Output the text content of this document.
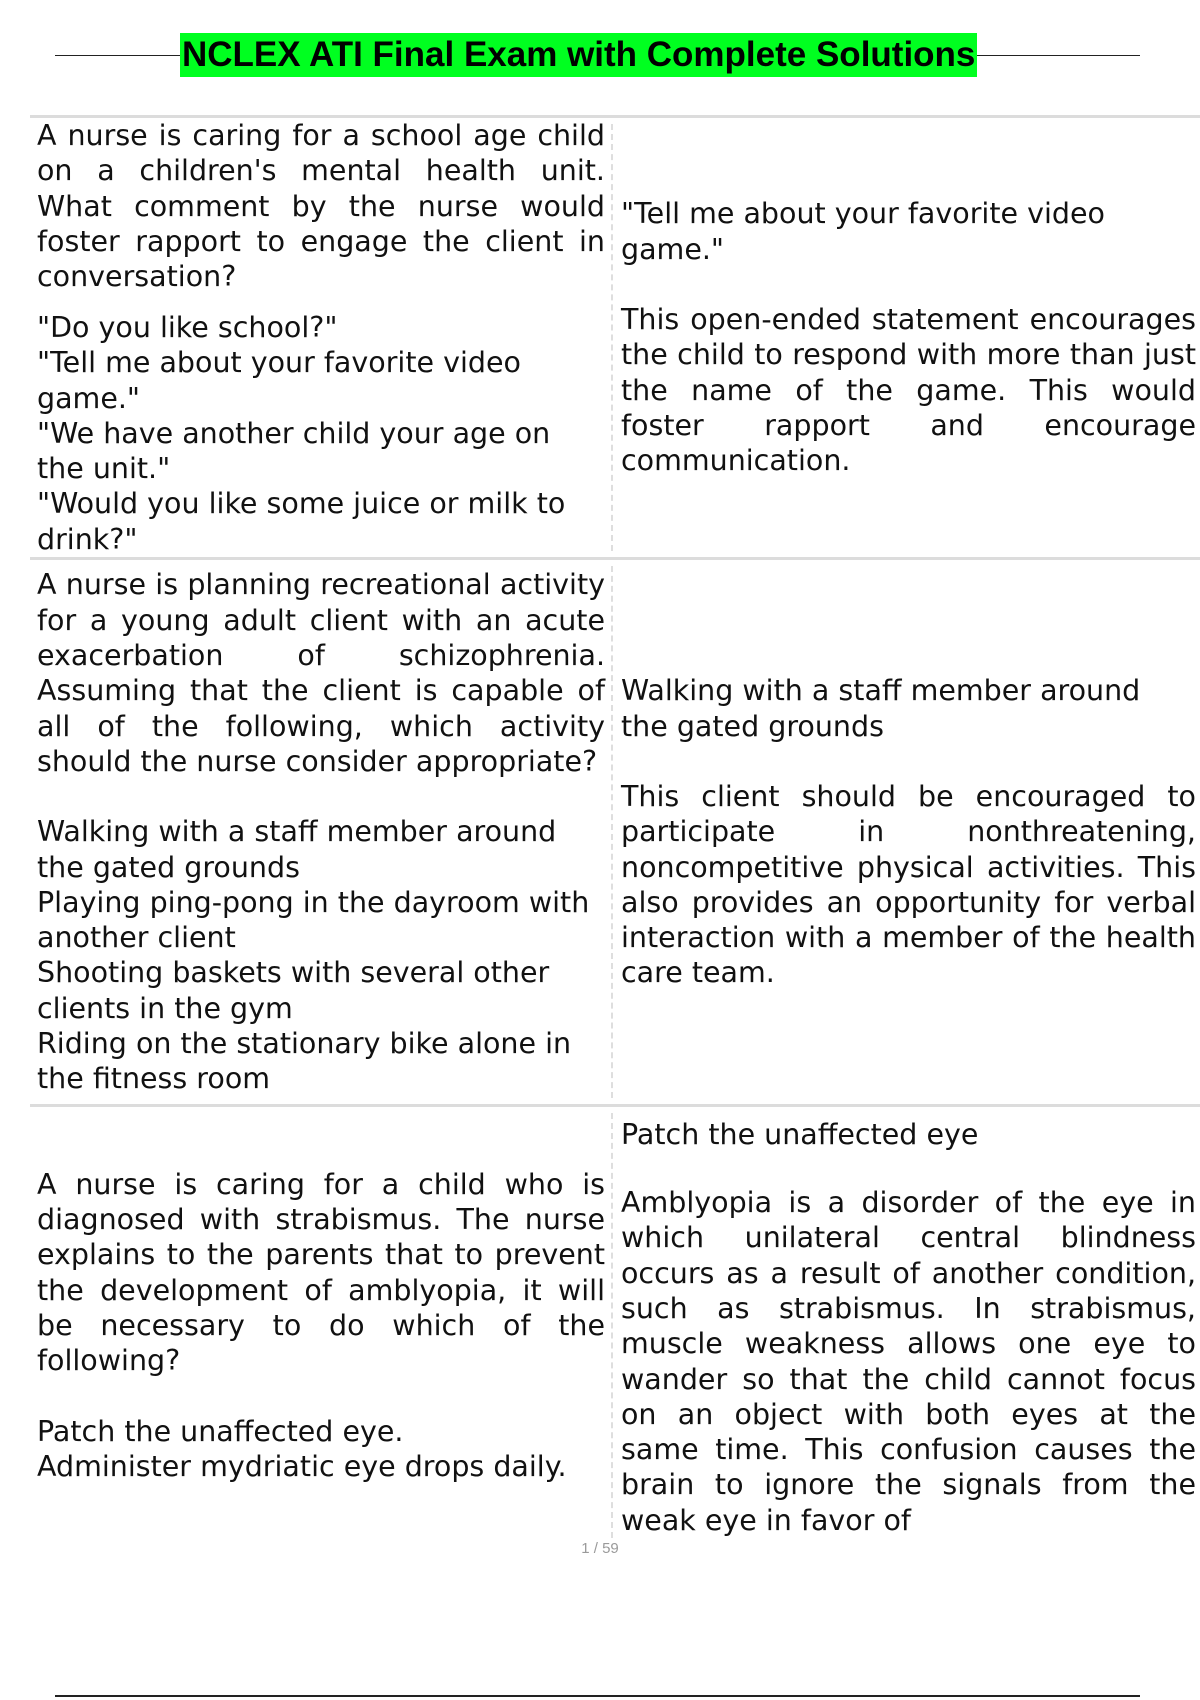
NCLEX ATI Final Exam with Complete Solutions
A nurse is caring for a school age child on a children's mental health unit. What comment by the nurse would foster rapport to engage the client in conversation?
"Do you like school?"
"Tell me about your favorite video game."
"We have another child your age on the unit."
"Would you like some juice or milk to drink?"
"Tell me about your favorite video game."
This open-ended statement encourages the child to respond with more than just the name of the game. This would foster rapport and encourage communication.
A nurse is planning recreational activity for a young adult client with an acute exacerbation of schizophrenia. Assuming that the client is capable of all of the following, which activity should the nurse consider appropriate?
Walking with a staff member around the gated grounds
Playing ping-pong in the dayroom with another client
Shooting baskets with several other clients in the gym
Riding on the stationary bike alone in the fitness room
Walking with a staff member around the gated grounds
This client should be encouraged to participate in nonthreatening, noncompetitive physical activities. This also provides an opportunity for verbal interaction with a member of the health care team.
A nurse is caring for a child who is diagnosed with strabismus. The nurse explains to the parents that to prevent the development of amblyopia, it will be necessary to do which of the following?
Patch the unaffected eye.
Administer mydriatic eye drops daily.
Patch the unaffected eye
Amblyopia is a disorder of the eye in which unilateral central blindness occurs as a result of another condition, such as strabismus. In strabismus, muscle weakness allows one eye to wander so that the child cannot focus on an object with both eyes at the same time. This confusion causes the brain to ignore the signals from the weak eye in favor of
1 / 59
